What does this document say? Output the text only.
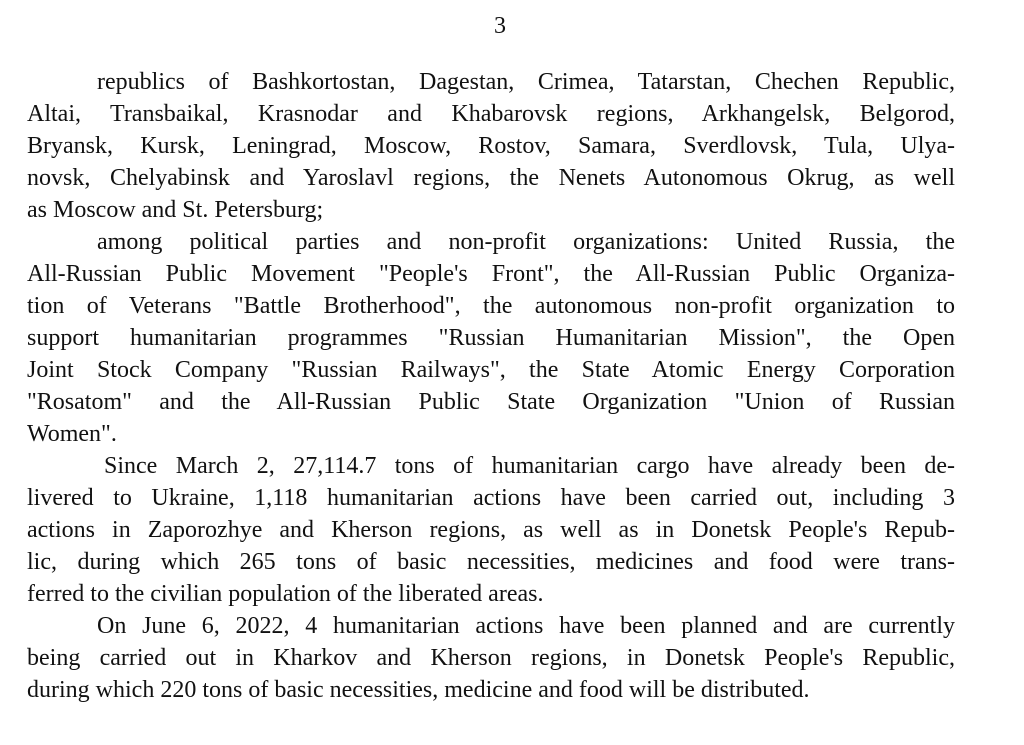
3
republics of Bashkortostan, Dagestan, Crimea, Tatarstan, Chechen Republic,
Altai, Transbaikal, Krasnodar and Khabarovsk regions, Arkhangelsk, Belgorod,
Bryansk, Kursk, Leningrad, Moscow, Rostov, Samara, Sverdlovsk, Tula, Ulya-
novsk, Chelyabinsk and Yaroslavl regions, the Nenets Autonomous Okrug, as well
as Moscow and St. Petersburg;
among political parties and non-profit organizations: United Russia, the
All-Russian Public Movement "People's Front", the All-Russian Public Organiza-
tion of Veterans "Battle Brotherhood", the autonomous non-profit organization to
support humanitarian programmes "Russian Humanitarian Mission", the Open
Joint Stock Company "Russian Railways", the State Atomic Energy Corporation
"Rosatom" and the All-Russian Public State Organization "Union of Russian
Women".
Since March 2, 27,114.7 tons of humanitarian cargo have already been de-
livered to Ukraine, 1,118 humanitarian actions have been carried out, including 3
actions in Zaporozhye and Kherson regions, as well as in Donetsk People's Repub-
lic, during which 265 tons of basic necessities, medicines and food were trans-
ferred to the civilian population of the liberated areas.
On June 6, 2022, 4 humanitarian actions have been planned and are currently
being carried out in Kharkov and Kherson regions, in Donetsk People's Republic,
during which 220 tons of basic necessities, medicine and food will be distributed.
